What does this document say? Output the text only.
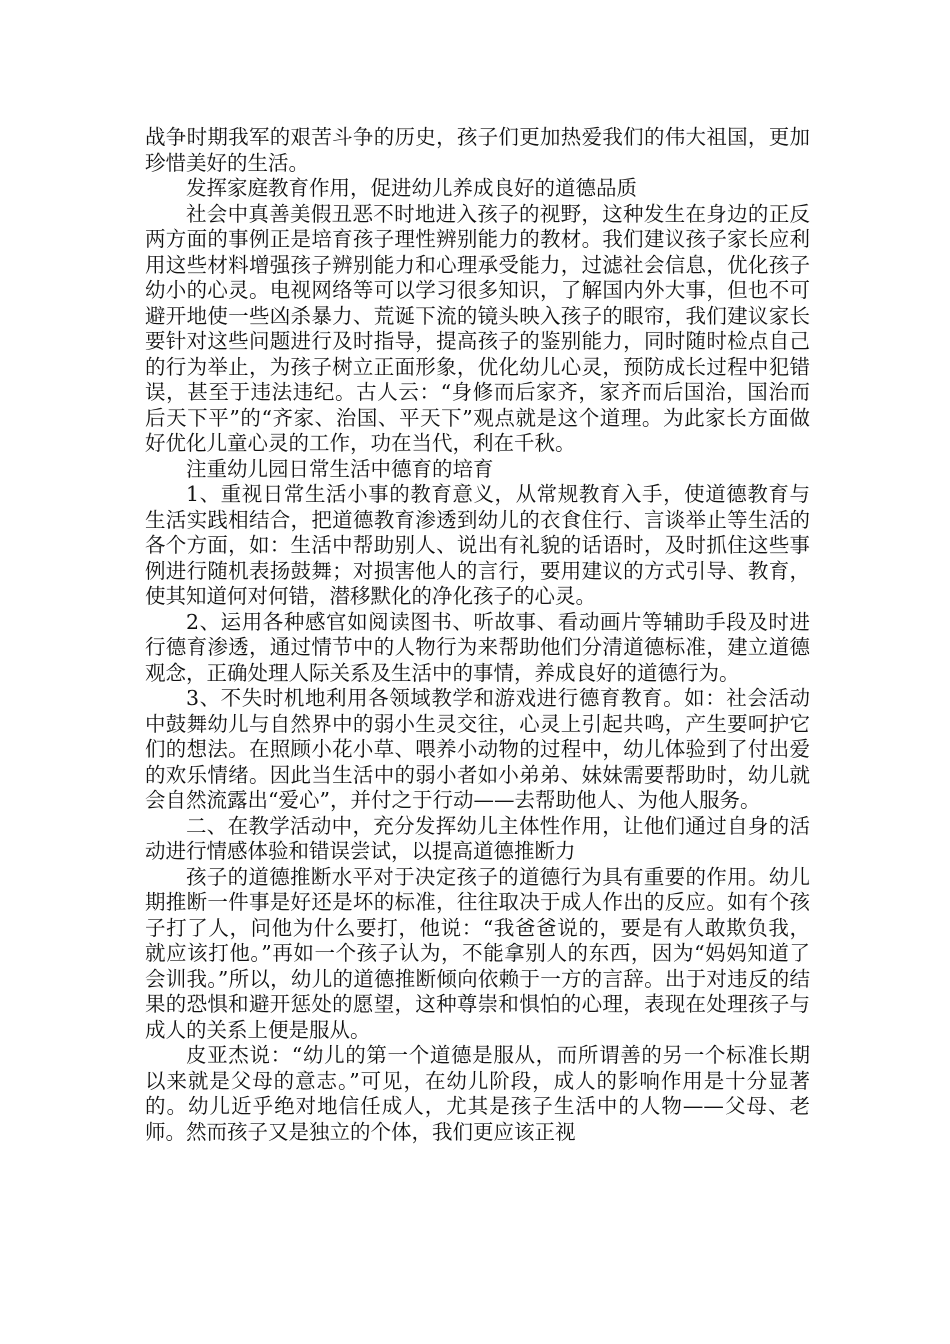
战争时期我军的艰苦斗争的历史，孩子们更加热爱我们的伟大祖国，更加珍惜美好的生活。

发挥家庭教育作用，促进幼儿养成良好的道德品质

社会中真善美假丑恶不时地进入孩子的视野，这种发生在身边的正反两方面的事例正是培育孩子理性辨别能力的教材。我们建议孩子家长应利用这些材料增强孩子辨别能力和心理承受能力，过滤社会信息，优化孩子幼小的心灵。电视网络等可以学习很多知识，了解国内外大事，但也不可避开地使一些凶杀暴力、荒诞下流的镜头映入孩子的眼帘，我们建议家长要针对这些问题进行及时指导，提高孩子的鉴别能力，同时随时检点自己的行为举止，为孩子树立正面形象，优化幼儿心灵，预防成长过程中犯错误，甚至于违法违纪。古人云：“身修而后家齐，家齐而后国治，国治而后天下平”的“齐家、治国、平天下”观点就是这个道理。为此家长方面做好优化儿童心灵的工作，功在当代，利在千秋。

注重幼儿园日常生活中德育的培育

1、重视日常生活小事的教育意义，从常规教育入手，使道德教育与生活实践相结合，把道德教育渗透到幼儿的衣食住行、言谈举止等生活的各个方面，如：生活中帮助别人、说出有礼貌的话语时，及时抓住这些事例进行随机表扬鼓舞；对损害他人的言行，要用建议的方式引导、教育，使其知道何对何错，潜移默化的净化孩子的心灵。

2、运用各种感官如阅读图书、听故事、看动画片等辅助手段及时进行德育渗透，通过情节中的人物行为来帮助他们分清道德标准，建立道德观念，正确处理人际关系及生活中的事情，养成良好的道德行为。

3、不失时机地利用各领域教学和游戏进行德育教育。如：社会活动中鼓舞幼儿与自然界中的弱小生灵交往，心灵上引起共鸣，产生要呵护它们的想法。在照顾小花小草、喂养小动物的过程中，幼儿体验到了付出爱的欢乐情绪。因此当生活中的弱小者如小弟弟、妹妹需要帮助时，幼儿就会自然流露出“爱心”，并付之于行动——去帮助他人、为他人服务。

二、在教学活动中，充分发挥幼儿主体性作用，让他们通过自身的活动进行情感体验和错误尝试，以提高道德推断力

孩子的道德推断水平对于决定孩子的道德行为具有重要的作用。幼儿期推断一件事是好还是坏的标准，往往取决于成人作出的反应。如有个孩子打了人，问他为什么要打，他说：“我爸爸说的，要是有人敢欺负我，就应该打他。”再如一个孩子认为，不能拿别人的东西，因为“妈妈知道了会训我。”所以，幼儿的道德推断倾向依赖于一方的言辞。出于对违反的结果的恐惧和避开惩处的愿望，这种尊崇和惧怕的心理，表现在处理孩子与成人的关系上便是服从。

皮亚杰说：“幼儿的第一个道德是服从，而所谓善的另一个标准长期以来就是父母的意志。”可见，在幼儿阶段，成人的影响作用是十分显著的。幼儿近乎绝对地信任成人，尤其是孩子生活中的人物——父母、老师。然而孩子又是独立的个体，我们更应该正视
